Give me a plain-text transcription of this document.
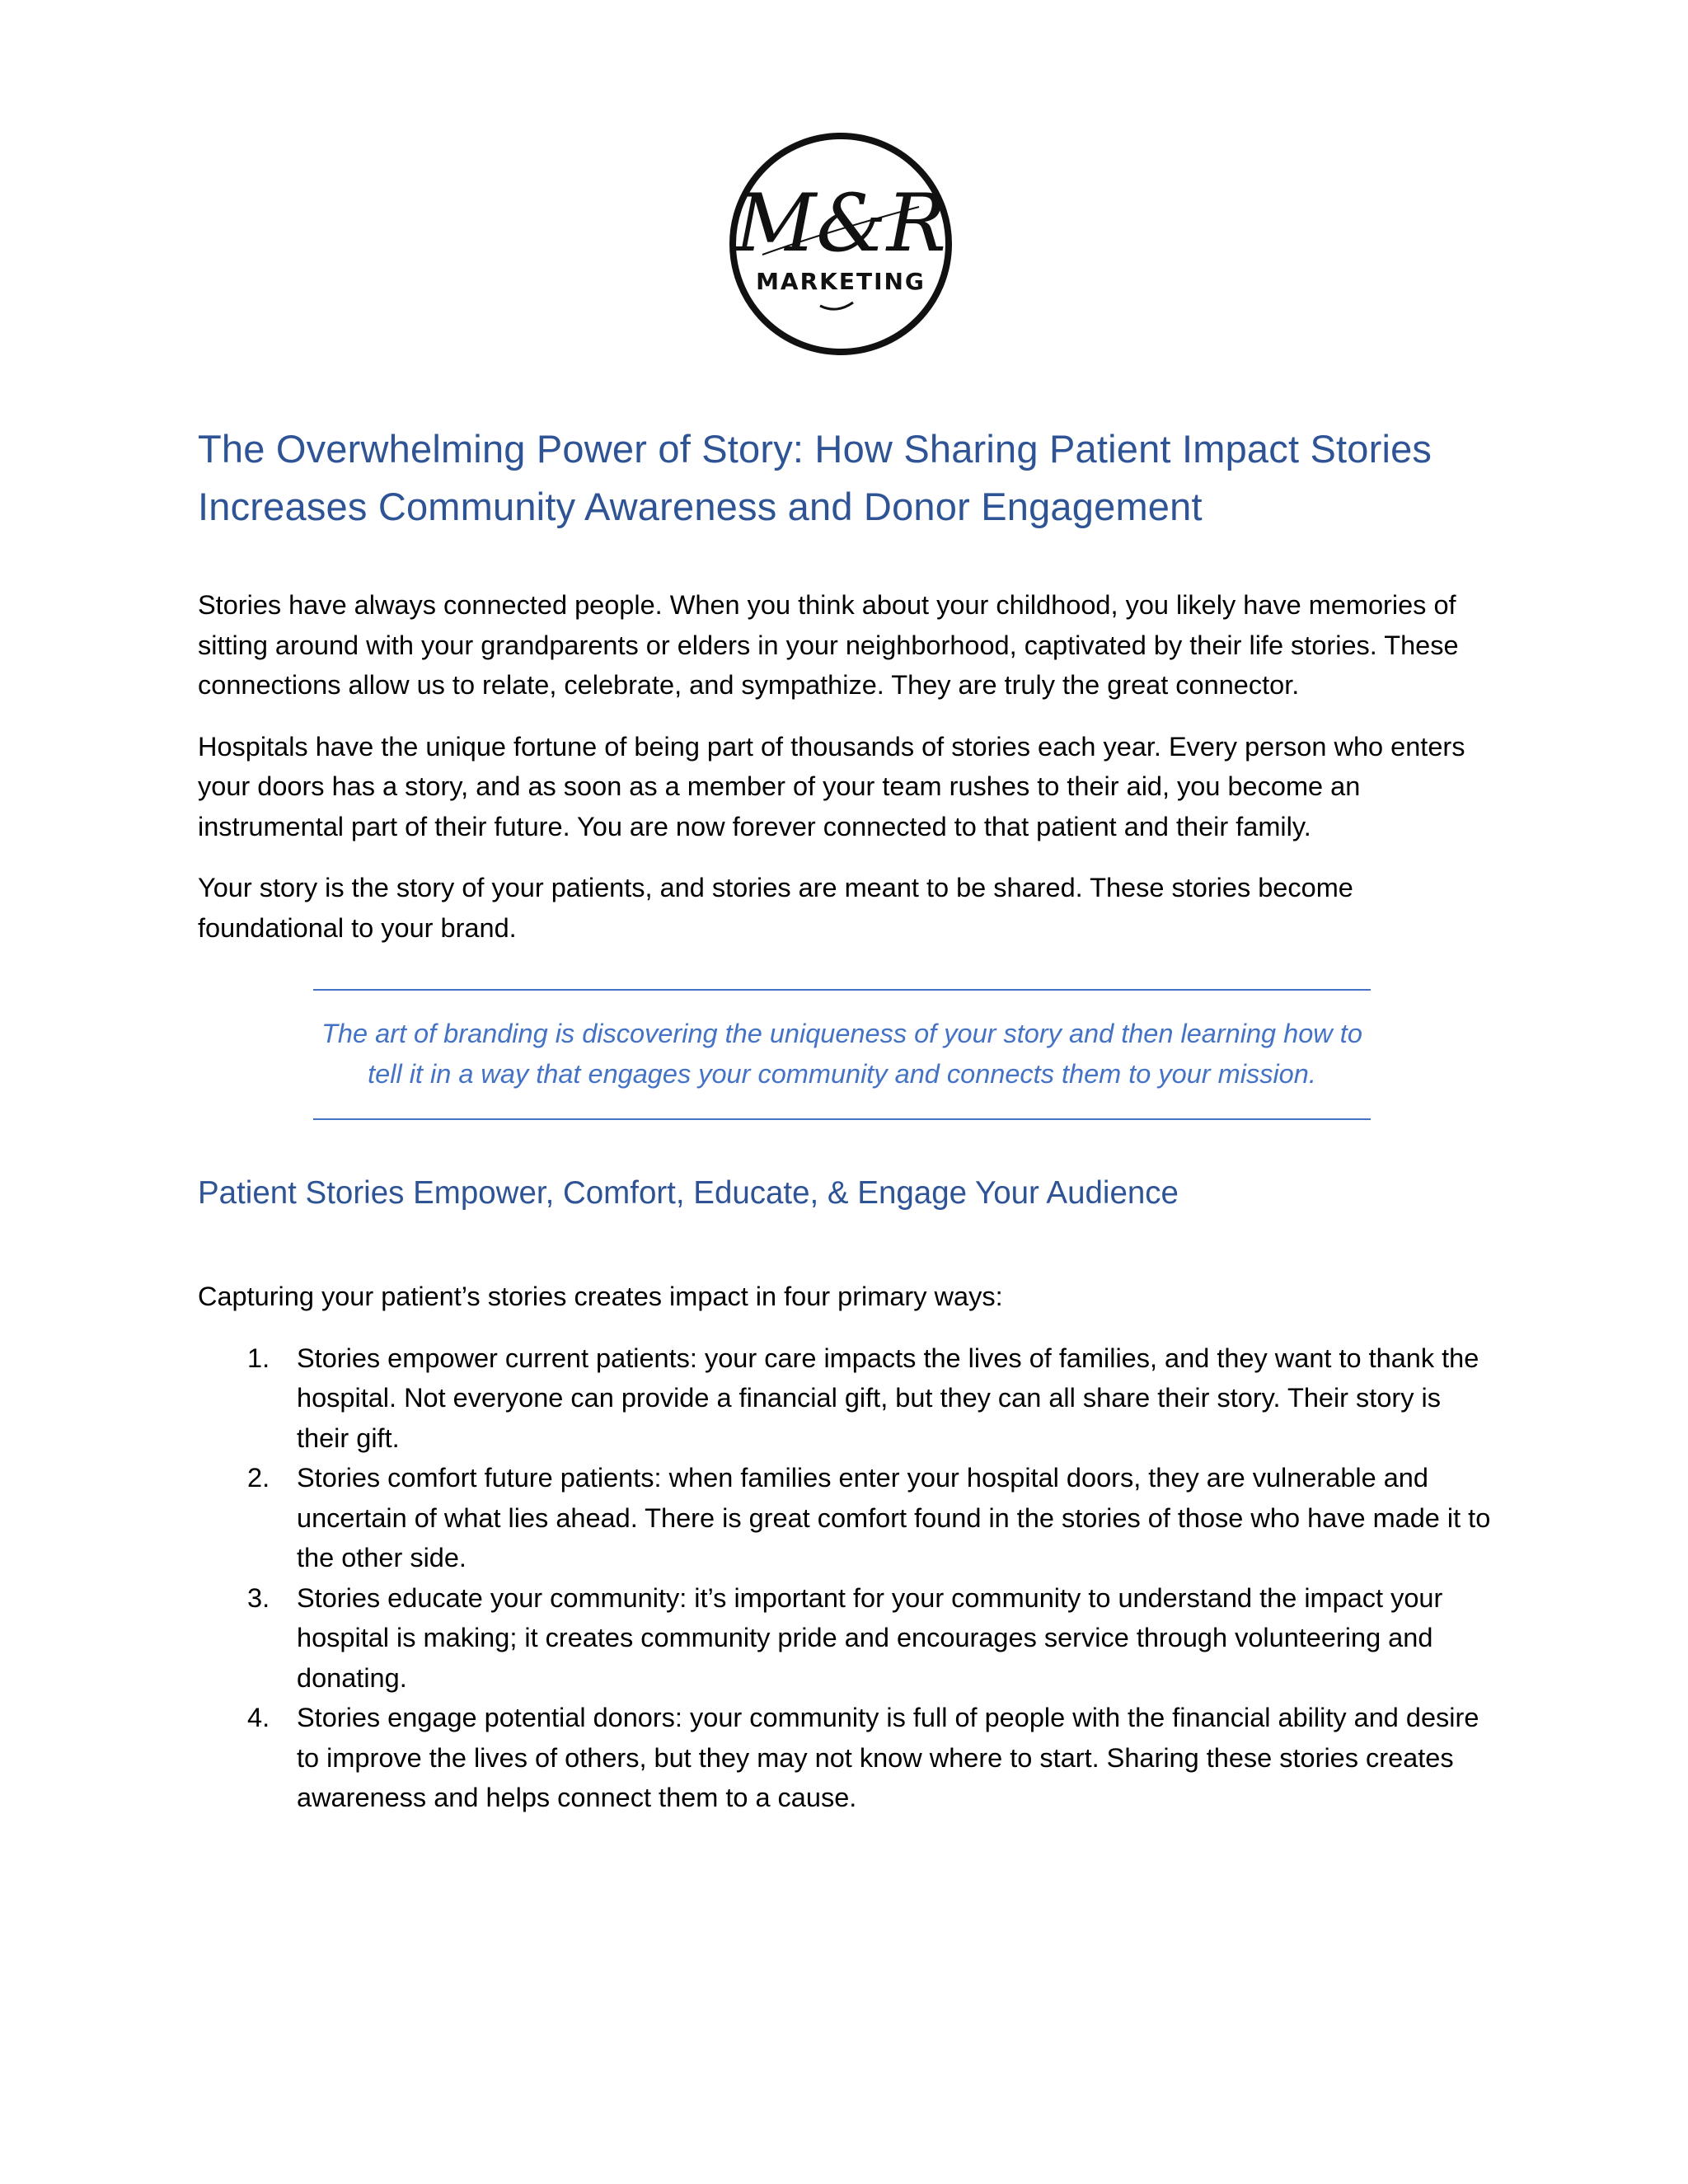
M&R
MARKETING
The Overwhelming Power of Story: How Sharing Patient Impact Stories Increases Community Awareness and Donor Engagement

Stories have always connected people. When you think about your childhood, you likely have memories of sitting around with your grandparents or elders in your neighborhood, captivated by their life stories. These connections allow us to relate, celebrate, and sympathize. They are truly the great connector.

Hospitals have the unique fortune of being part of thousands of stories each year. Every person who enters your doors has a story, and as soon as a member of your team rushes to their aid, you become an instrumental part of their future. You are now forever connected to that patient and their family.

Your story is the story of your patients, and stories are meant to be shared. These stories become foundational to your brand.

The art of branding is discovering the uniqueness of your story and then learning how to tell it in a way that engages your community and connects them to your mission.

Patient Stories Empower, Comfort, Educate, & Engage Your Audience

Capturing your patient’s stories creates impact in four primary ways:

1. Stories empower current patients: your care impacts the lives of families, and they want to thank the hospital. Not everyone can provide a financial gift, but they can all share their story. Their story is their gift.
2. Stories comfort future patients: when families enter your hospital doors, they are vulnerable and uncertain of what lies ahead. There is great comfort found in the stories of those who have made it to the other side.
3. Stories educate your community: it’s important for your community to understand the impact your hospital is making; it creates community pride and encourages service through volunteering and donating.
4. Stories engage potential donors: your community is full of people with the financial ability and desire to improve the lives of others, but they may not know where to start. Sharing these stories creates awareness and helps connect them to a cause.
